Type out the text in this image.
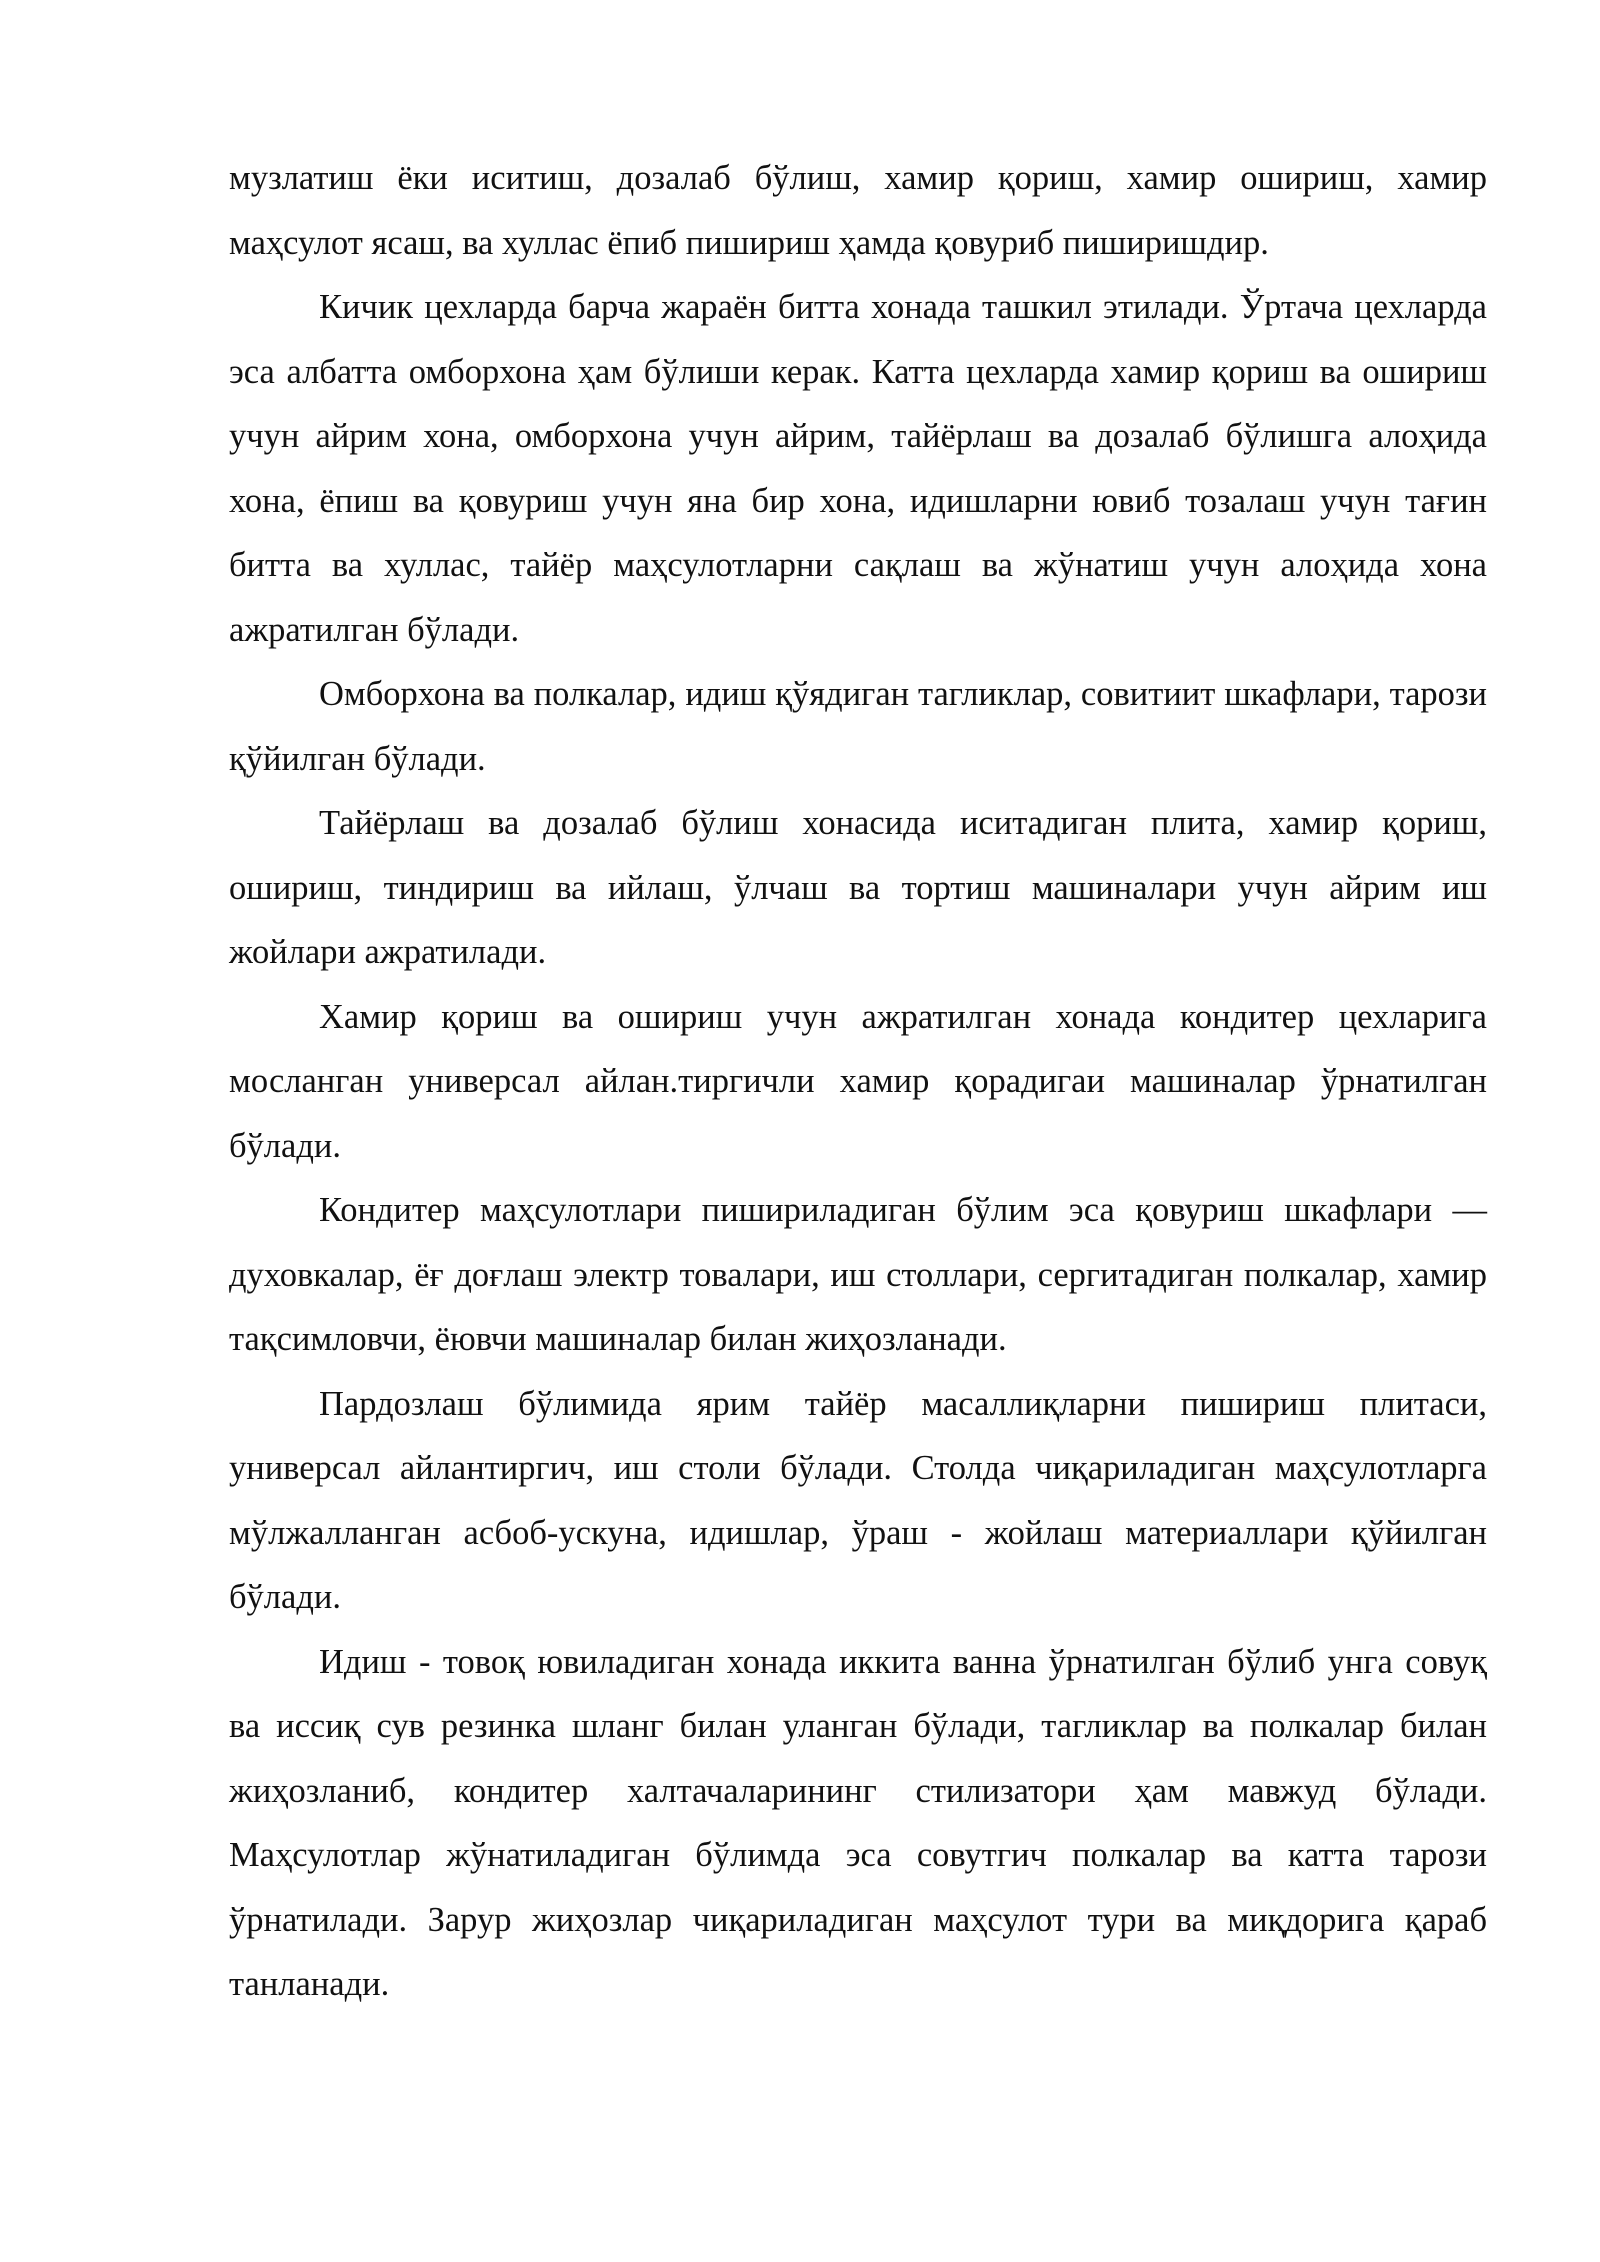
музлатиш ёки иситиш, дозалаб бўлиш, хамир қориш, хамир ошириш, хамир маҳсулот ясаш, ва хуллас ёпиб пишириш ҳамда қовуриб пиширишдир.

Кичик цехларда барча жараён битта хонада ташкил этилади. Ўртача цехларда эса албатта омборхона ҳам бўлиши керак. Катта цехларда хамир қориш ва ошириш учун айрим хона, омборхона учун айрим, тайёрлаш ва дозалаб бўлишга алоҳида хона, ёпиш ва қовуриш учун яна бир хона, идишларни ювиб тозалаш учун тағин битта ва хуллас, тайёр маҳсулотларни сақлаш ва жўнатиш учун алоҳида хона ажратилган бўлади.

Омборхона ва полкалар, идиш қўядиган тагликлар, совитиит шкафлари, тарози қўйилган бўлади.

Тайёрлаш ва дозалаб бўлиш хонасида иситадиган плита, хамир қориш, ошириш, тиндириш ва ийлаш, ўлчаш ва тортиш машиналари учун айрим иш жойлари ажратилади.

Хамир қориш ва ошириш учун ажратилган хонада кондитер цехларига мосланган универсал айлан.тиргичли хамир қорадигаи машиналар ўрнатилган бўлади.

Кондитер маҳсулотлари пишириладиган бўлим эса қовуриш шкафлари — духовкалар, ёғ доғлаш электр товалари, иш столлари, сергитадиган полкалар, хамир тақсимловчи, ёювчи машиналар билан жиҳозланади.

Пардозлаш бўлимида ярим тайёр масаллиқларни пишириш плитаси, универсал айлантиргич, иш столи бўлади. Столда чиқариладиган маҳсулотларга мўлжалланган асбоб-ускуна, идишлар, ўраш - жойлаш материаллари қўйилган бўлади.

Идиш - товоқ ювиладиган хонада иккита ванна ўрнатилган бўлиб унга совуқ ва иссиқ сув резинка шланг билан уланган бўлади, тагликлар ва полкалар билан жиҳозланиб, кондитер халтачаларининг стилизатори ҳам мавжуд бўлади. Маҳсулотлар жўнатиладиган бўлимда эса совутгич полкалар ва катта тарози ўрнатилади. Зарур жиҳозлар чиқариладиган маҳсулот тури ва миқдорига қараб танланади.
